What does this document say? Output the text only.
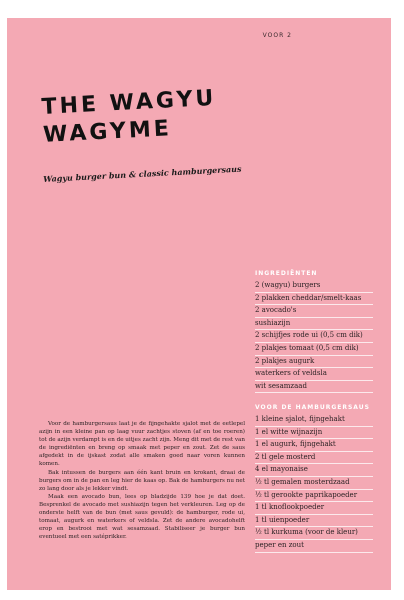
VOOR 2
THE WAGYU
WAGYME
Wagyu burger bun & classic hamburgersaus
INGREDIËNTEN
2 (wagyu) burgers
2 plakken cheddar/smelt-kaas
2 avocado's
sushiazijn
2 schijfjes rode ui (0,5 cm dik)
2 plakjes tomaat (0,5 cm dik)
2 plakjes augurk
waterkers of veldsla
wit sesamzaad
VOOR DE HAMBURGERSAUS
1 kleine sjalot, fijngehakt
1 el witte wijnazijn
1 el augurk, fijngehakt
2 tl gele mosterd
4 el mayonaise
½ tl gemalen mosterdzaad
½ tl gerookte paprikapoeder
1 tl knoflookpoeder
1 tl uienpoeder
½ tl kurkuma (voor de kleur)
peper en zout

Voor de hamburgersaus laat je de fijngehakte sjalot met de eetlepel azijn in een kleine pan op laag vuur zachtjes stoven (af en toe roeren) tot de azijn verdampt is en de uitjes zacht zijn. Meng dit met de rest van de ingrediënten en breng op smaak met peper en zout. Zet de saus afgedekt in de ijskast zodat alle smaken goed naar voren kunnen komen.

Bak intussen de burgers aan één kant bruin en krokant, draai de burgers om in de pan en leg hier de kaas op. Bak de hamburgers nu net zo lang door als je lekker vindt.

Maak een avocado bun, lees op bladzijde 139 hoe je dat doet. Besprenkel de avocado met sushiazijn tegen het verkleuren. Leg op de onderste helft van de bun (met saus gevuld): de hamburger, rode ui, tomaat, augurk en waterkers of veldsla. Zet de andere avocadohelft erop en bestrooi met wat sesamzaad. Stabiliseer je burger bun eventueel met een satéprikker.
